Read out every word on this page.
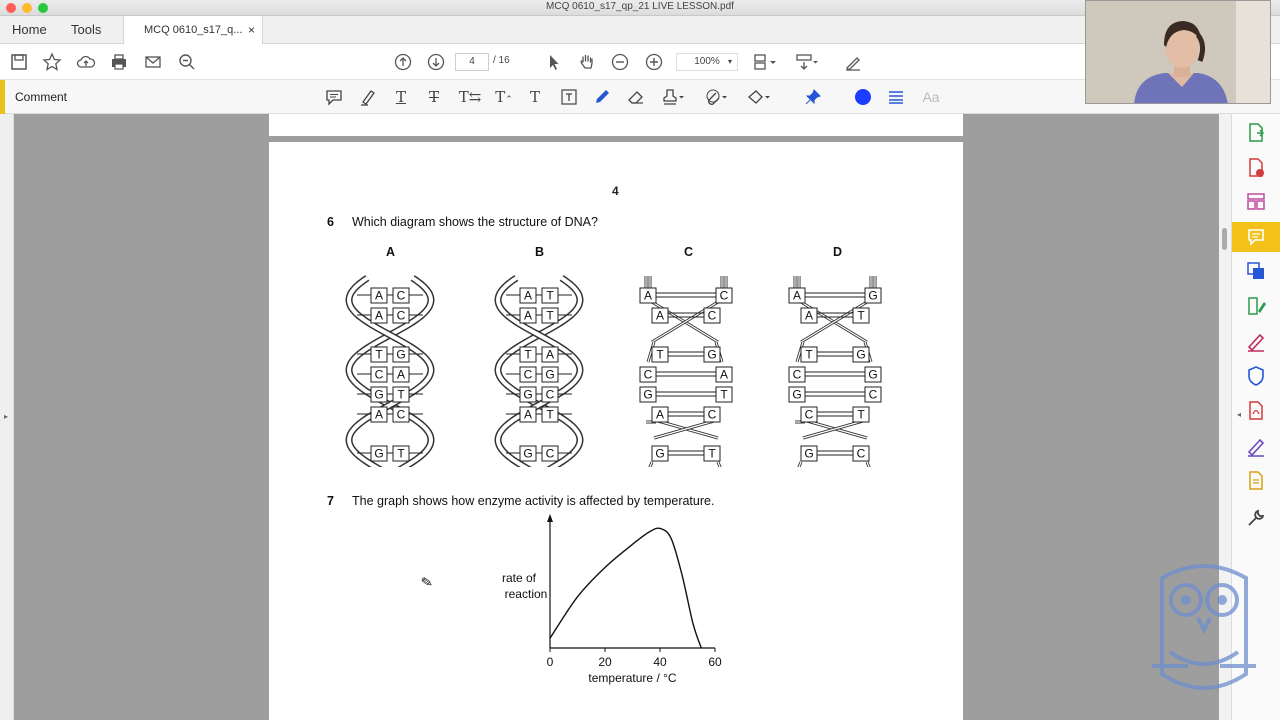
MCQ 0610_s17_qp_21 LIVE LESSON.pdf
Home Tools	MCQ 0610_s17_q... ×
4	/ 16	100% ▾
Comment	T	T	T⇆ T⌃	T	Aa
▸
4
6 Which diagram shows the structure of DNA?
A	B	C	D
A C
A C
T G
C A
G T
A C
G T
A T
A T
T A
C G
G C
A T
G C
A	C
A	C
T	G
C	A
G	T
A	C
G	T
A	G
A	T
T	G
C	G
G	C
C	T
G	C
7 The graph shows how enzyme activity is affected by temperature.
rate of
reaction
0	20	40	60
temperature / °C
✎
◂
